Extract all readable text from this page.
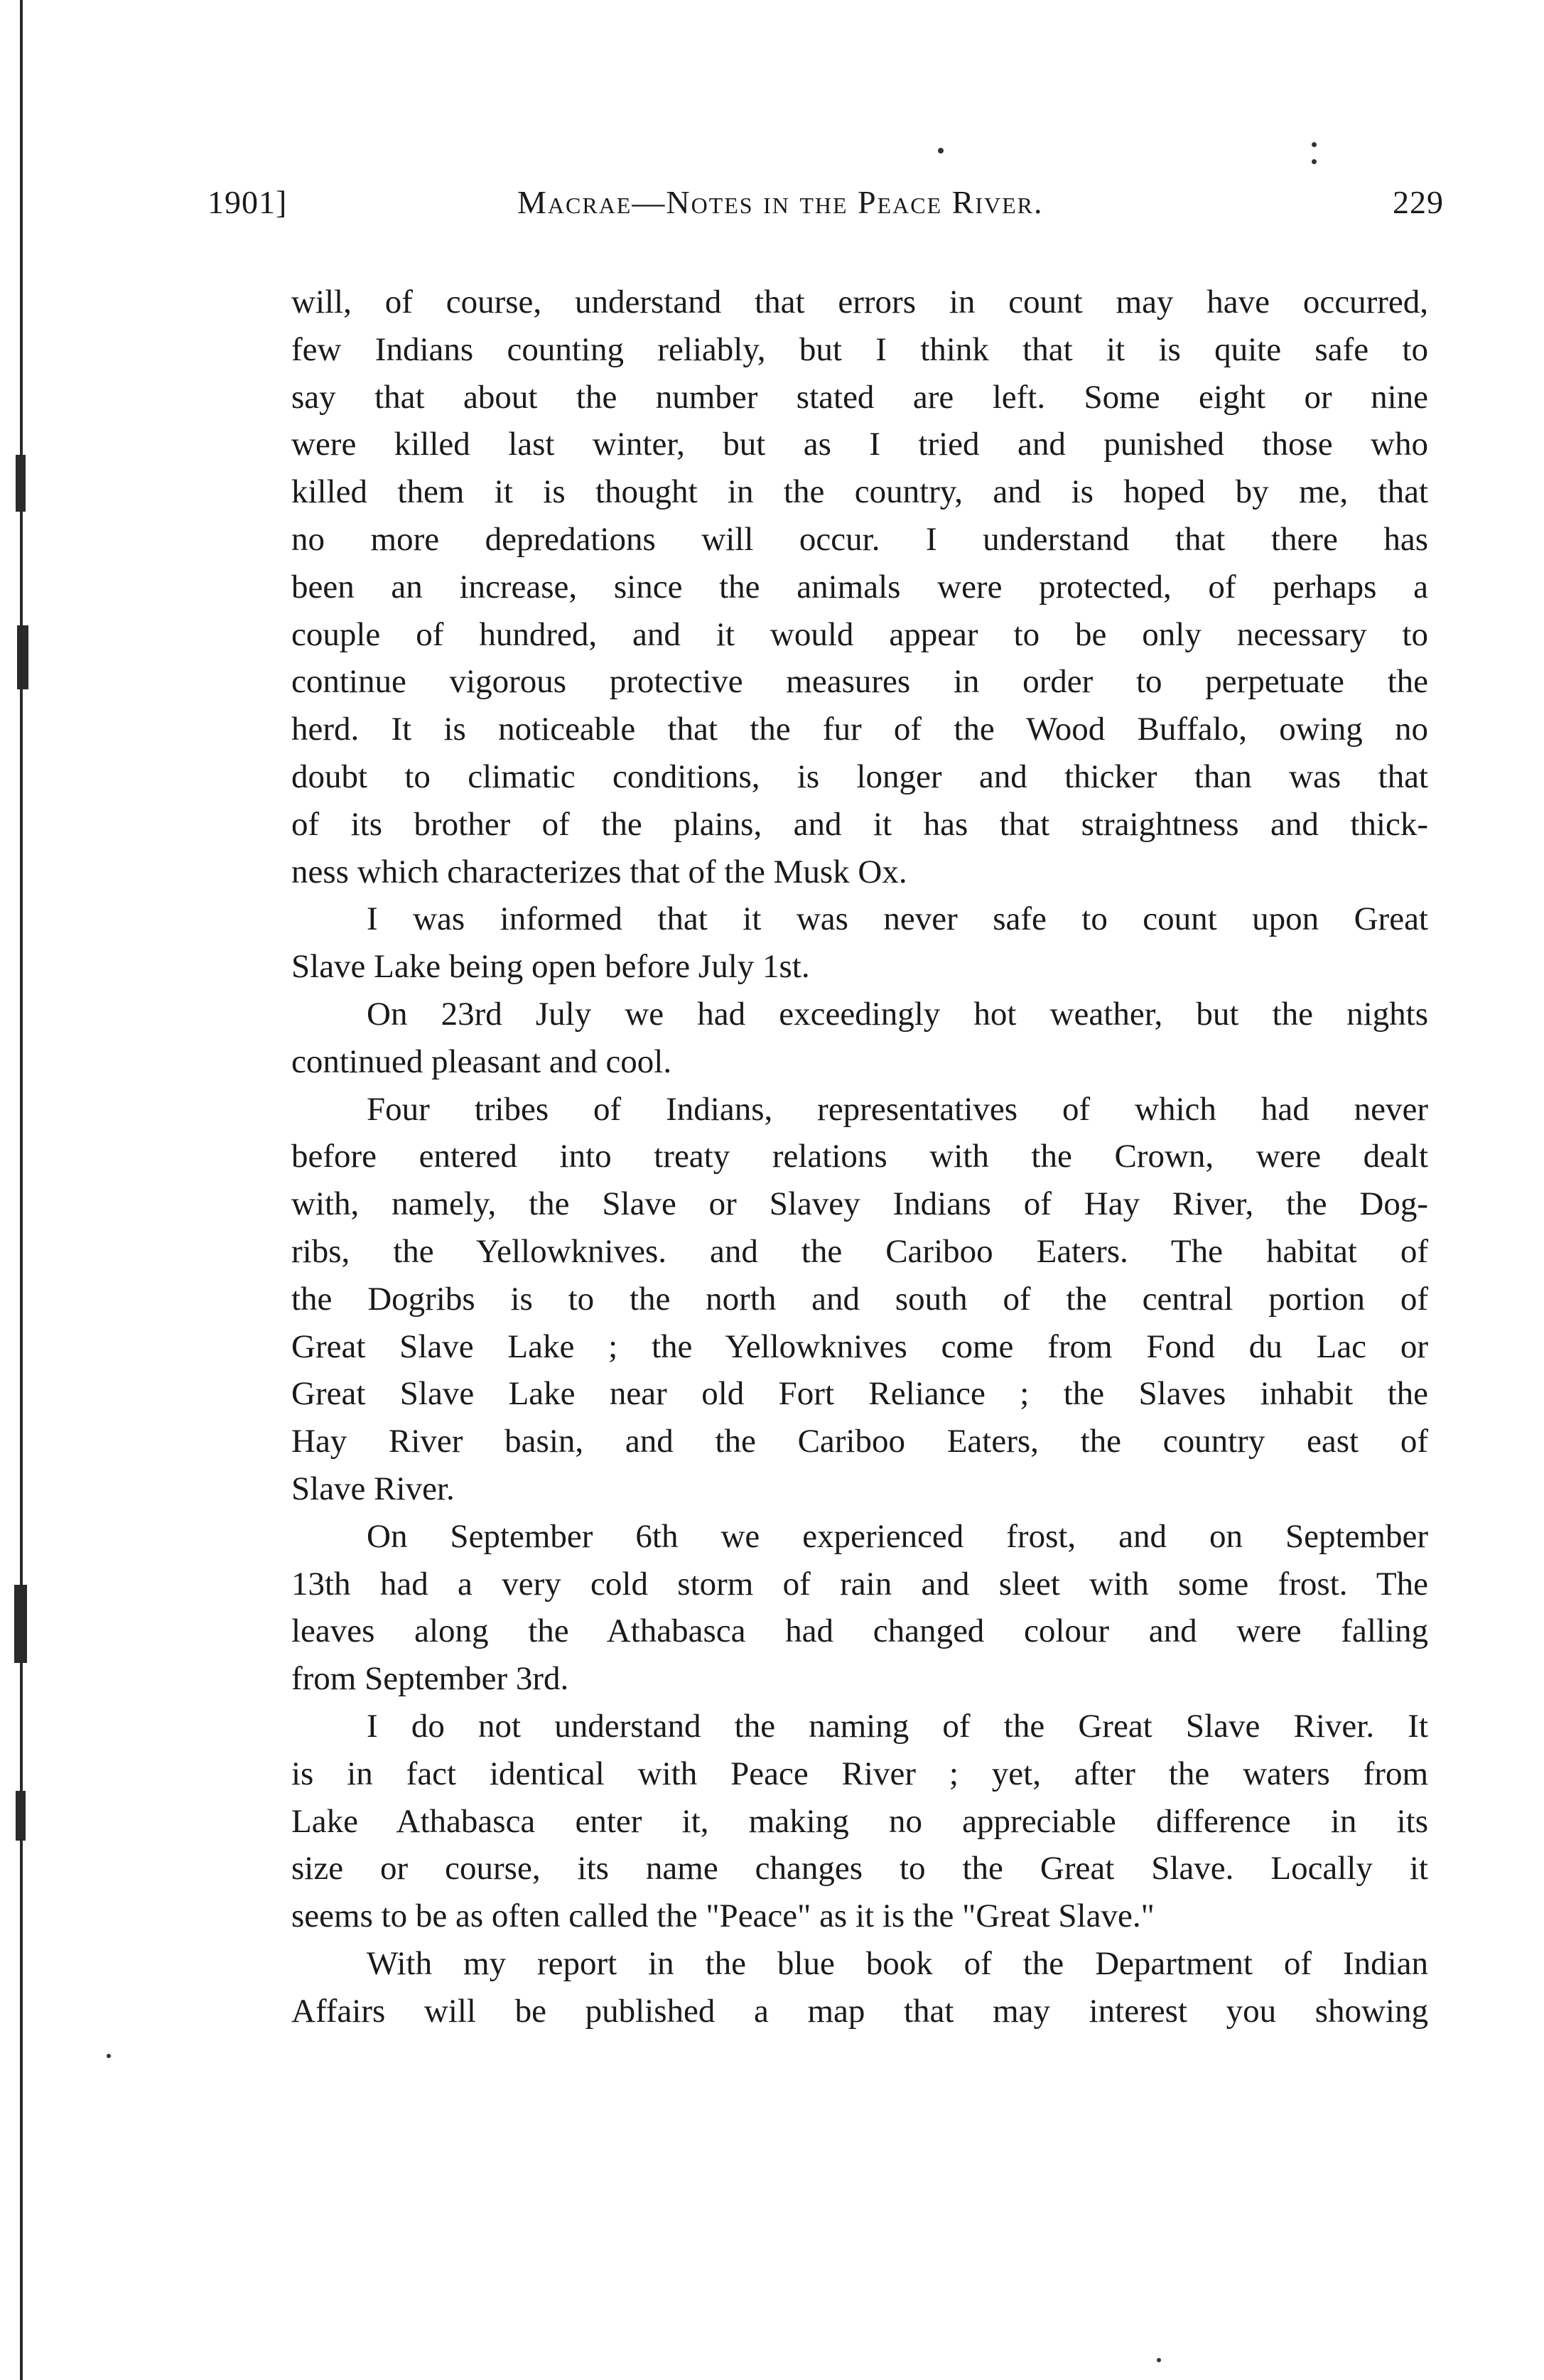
1901]	Macrae—Notes in the Peace River.	229
will, of course, understand that errors in count may have occurred,
few Indians counting reliably, but I think that it is quite safe to
say that about the number stated are left. Some eight or nine
were killed last winter, but as I tried and punished those who
killed them it is thought in the country, and is hoped by me, that
no more depredations will occur. I understand that there has
been an increase, since the animals were protected, of perhaps a
couple of hundred, and it would appear to be only necessary to
continue vigorous protective measures in order to perpetuate the
herd. It is noticeable that the fur of the Wood Buffalo, owing no
doubt to climatic conditions, is longer and thicker than was that
of its brother of the plains, and it has that straightness and thick-
ness which characterizes that of the Musk Ox.
I was informed that it was never safe to count upon Great
Slave Lake being open before July 1st.
On 23rd July we had exceedingly hot weather, but the nights
continued pleasant and cool.
Four tribes of Indians, representatives of which had never
before entered into treaty relations with the Crown, were dealt
with, namely, the Slave or Slavey Indians of Hay River, the Dog-
ribs, the Yellowknives. and the Cariboo Eaters. The habitat of
the Dogribs is to the north and south of the central portion of
Great Slave Lake ; the Yellowknives come from Fond du Lac or
Great Slave Lake near old Fort Reliance ; the Slaves inhabit the
Hay River basin, and the Cariboo Eaters, the country east of
Slave River.
On September 6th we experienced frost, and on September
13th had a very cold storm of rain and sleet with some frost. The
leaves along the Athabasca had changed colour and were falling
from September 3rd.
I do not understand the naming of the Great Slave River. It
is in fact identical with Peace River ; yet, after the waters from
Lake Athabasca enter it, making no appreciable difference in its
size or course, its name changes to the Great Slave. Locally it
seems to be as often called the "Peace" as it is the "Great Slave."
With my report in the blue book of the Department of Indian
Affairs will be published a map that may interest you showing
